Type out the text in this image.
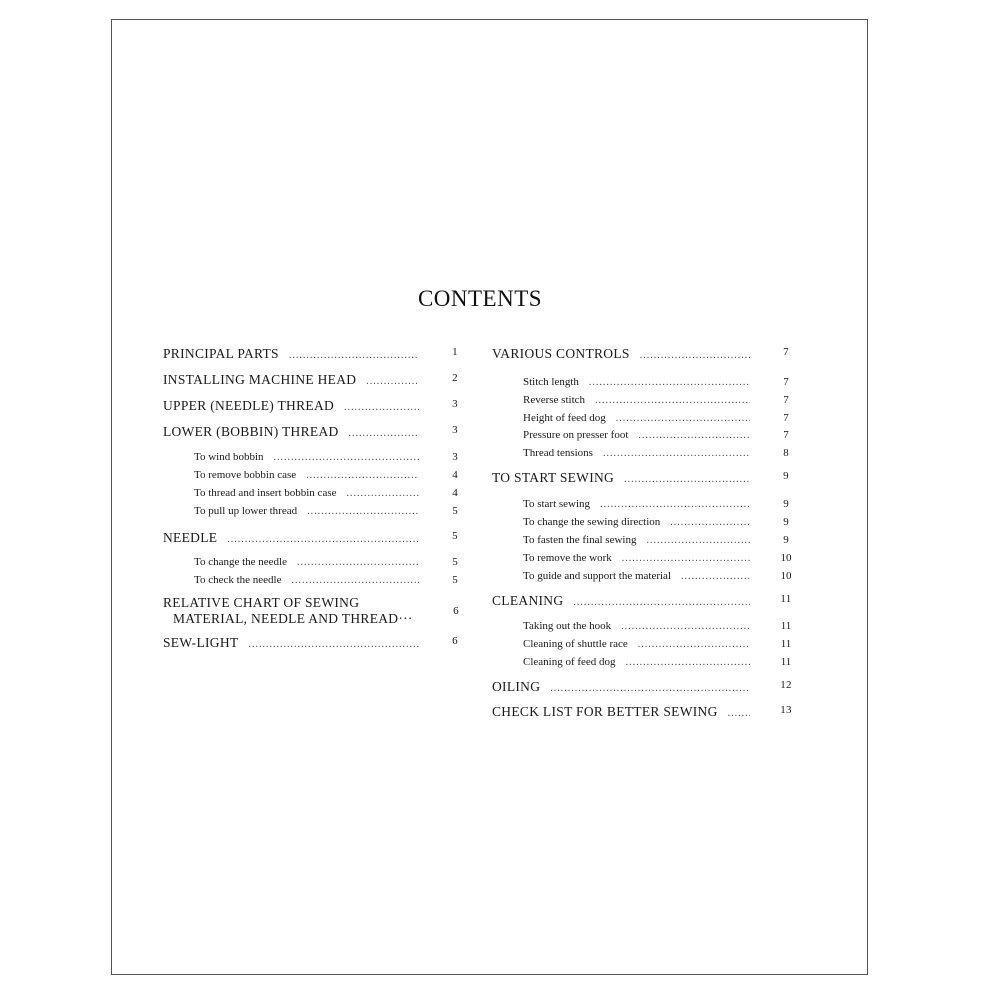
CONTENTS
PRINCIPAL PARTS .....	1
INSTALLING MACHINE HEAD .....	2
UPPER (NEEDLE) THREAD .....	3
LOWER (BOBBIN) THREAD .....	3
To wind bobbin .....	3
To remove bobbin case .....	4
To thread and insert bobbin case .....	4
To pull up lower thread .....	5
NEEDLE .....	5
To change the needle .....	5
To check the needle .....	5
RELATIVE CHART OF SEWING
MATERIAL, NEEDLE AND THREAD···	6
SEW-LIGHT .....	6
VARIOUS CONTROLS .....	7
Stitch length .....	7
Reverse stitch .....	7
Height of feed dog .....	7
Pressure on presser foot .....	7
Thread tensions .....	8
TO START SEWING .....	9
To start sewing .....	9
To change the sewing direction .....	9
To fasten the final sewing .....	9
To remove the work .....	10
To guide and support the material .....	10
CLEANING .....	11
Taking out the hook .....	11
Cleaning of shuttle race .....	11
Cleaning of feed dog .....	11
OILING .....	12
CHECK LIST FOR BETTER SEWING .....	13
